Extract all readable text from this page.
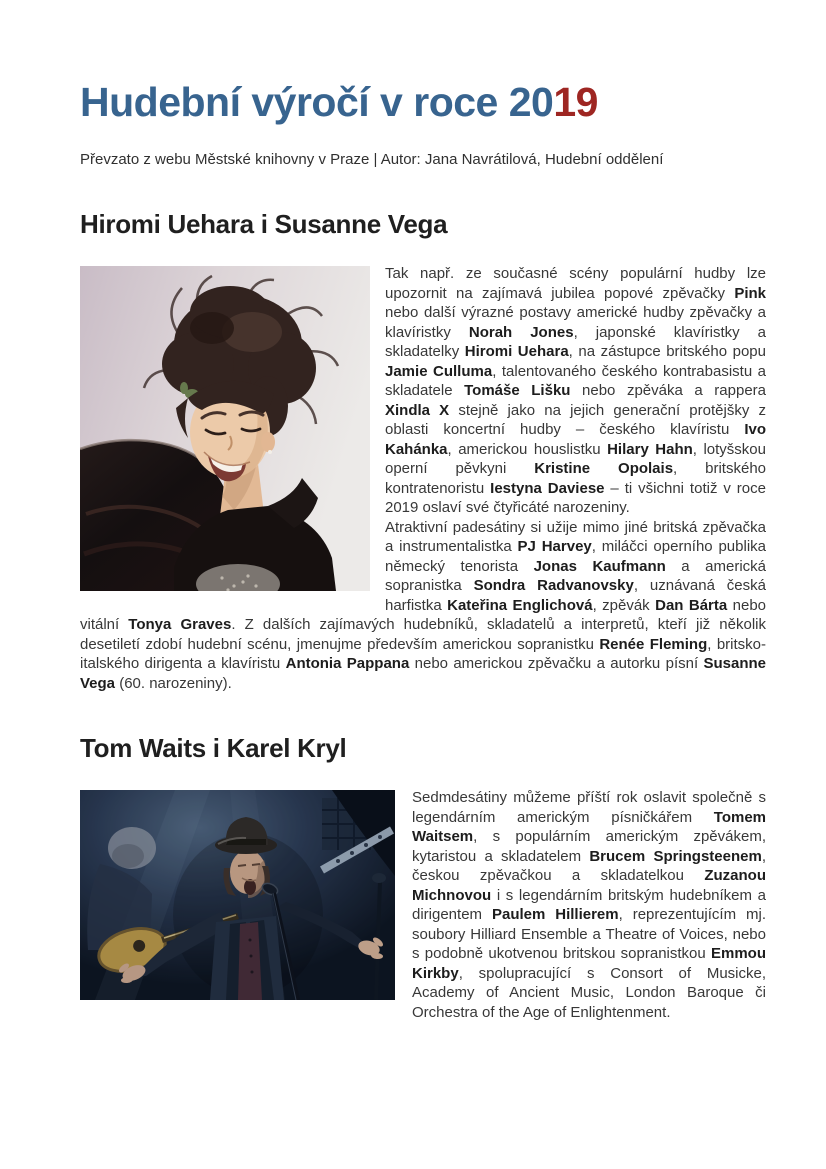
Hudební výročí v roce 2019

Převzato z webu Městské knihovny v Praze | Autor: Jana Navrátilová, Hudební oddělení

Hiromi Uehara i Susanne Vega

Tak např. ze současné scény populární hudby lze upozornit na zajímavá jubilea popové zpěvačky Pink nebo další výrazné postavy americké hudby zpěvačky a klavíristky Norah Jones, japonské klavíristky a skladatelky Hiromi Uehara, na zástupce britského popu Jamie Culluma, talentovaného českého kontrabasistu a skladatele Tomáše Lišku nebo zpěváka a rappera Xindla X stejně jako na jejich generační protějšky z oblasti koncertní hudby – českého klavíristu Ivo Kahánka, americkou houslistku Hilary Hahn, lotyšskou operní pěvkyni Kristine Opolais, britského kontratenoristu Iestyna Daviese – ti všichni totiž v roce 2019 oslaví své čtyřicáté narozeniny.

Atraktivní padesátiny si užije mimo jiné britská zpěvačka a instrumentalistka PJ Harvey, miláčci operního publika německý tenorista Jonas Kaufmann a americká sopranistka Sondra Radvanovsky, uznávaná česká harfistka Kateřina Englichová, zpěvák Dan Bárta nebo vitální Tonya Graves. Z dalších zajímavých hudebníků, skladatelů a interpretů, kteří již několik desetiletí zdobí hudební scénu, jmenujme především americkou sopranistku Renée Fleming, britsko-italského dirigenta a klavíristu Antonia Pappana nebo americkou zpěvačku a autorku písní Susanne Vega (60. narozeniny).

Tom Waits i Karel Kryl

Sedmdesátiny můžeme příští rok oslavit společně s legendárním americkým písničkářem Tomem Waitsem, s populárním americkým zpěvákem, kytaristou a skladatelem Brucem Springsteenem, českou zpěvačkou a skladatelkou Zuzanou Michnovou i s legendárním britským hudebníkem a dirigentem Paulem Hillierem, reprezentujícím mj. soubory Hilliard Ensemble a Theatre of Voices, nebo s podobně ukotvenou britskou sopranistkou Emmou Kirkby, spolupracující s Consort of Musicke, Academy of Ancient Music, London Baroque či Orchestra of the Age of Enlightenment.
